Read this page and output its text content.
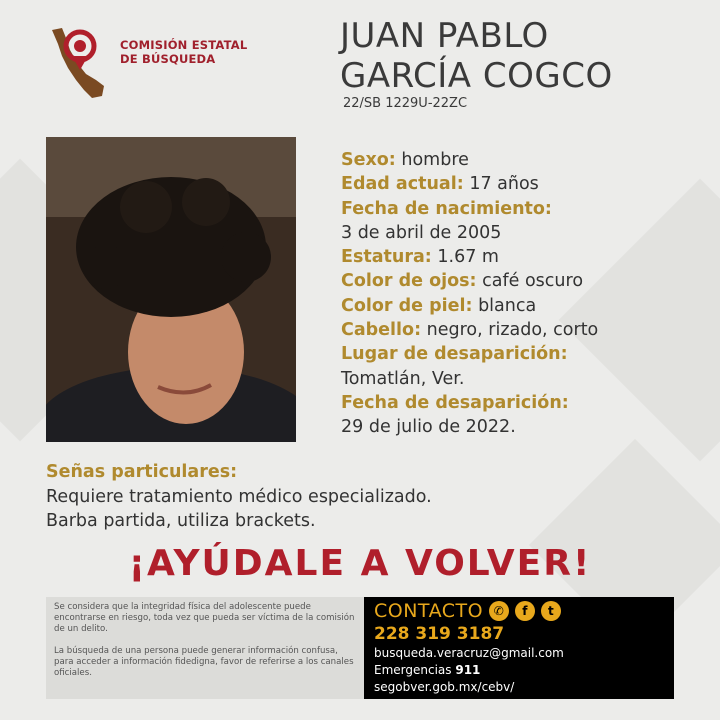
COMISIÓN ESTATAL
DE BÚSQUEDA
JUAN PABLO
GARCÍA COGCO
22/SB 1229U-22ZC
Sexo: hombre
Edad actual: 17 años
Fecha de nacimiento:
3 de abril de 2005
Estatura: 1.67 m
Color de ojos: café oscuro
Color de piel: blanca
Cabello: negro, rizado, corto
Lugar de desaparición:
Tomatlán, Ver.
Fecha de desaparición:
29 de julio de 2022.
Señas particulares:
Requiere tratamiento médico especializado.
Barba partida, utiliza brackets.
¡AYÚDALE A VOLVER!

Se considera que la integridad física del adolescente puede encontrarse en riesgo, toda vez que pueda ser víctima de la comisión de un delito.

La búsqueda de una persona puede generar información confusa, para acceder a información fidedigna, favor de referirse a los canales oficiales.

CONTACTO ✆	f	t
228 319 3187
busqueda.veracruz@gmail.com
Emergencias 911
segobver.gob.mx/cebv/
